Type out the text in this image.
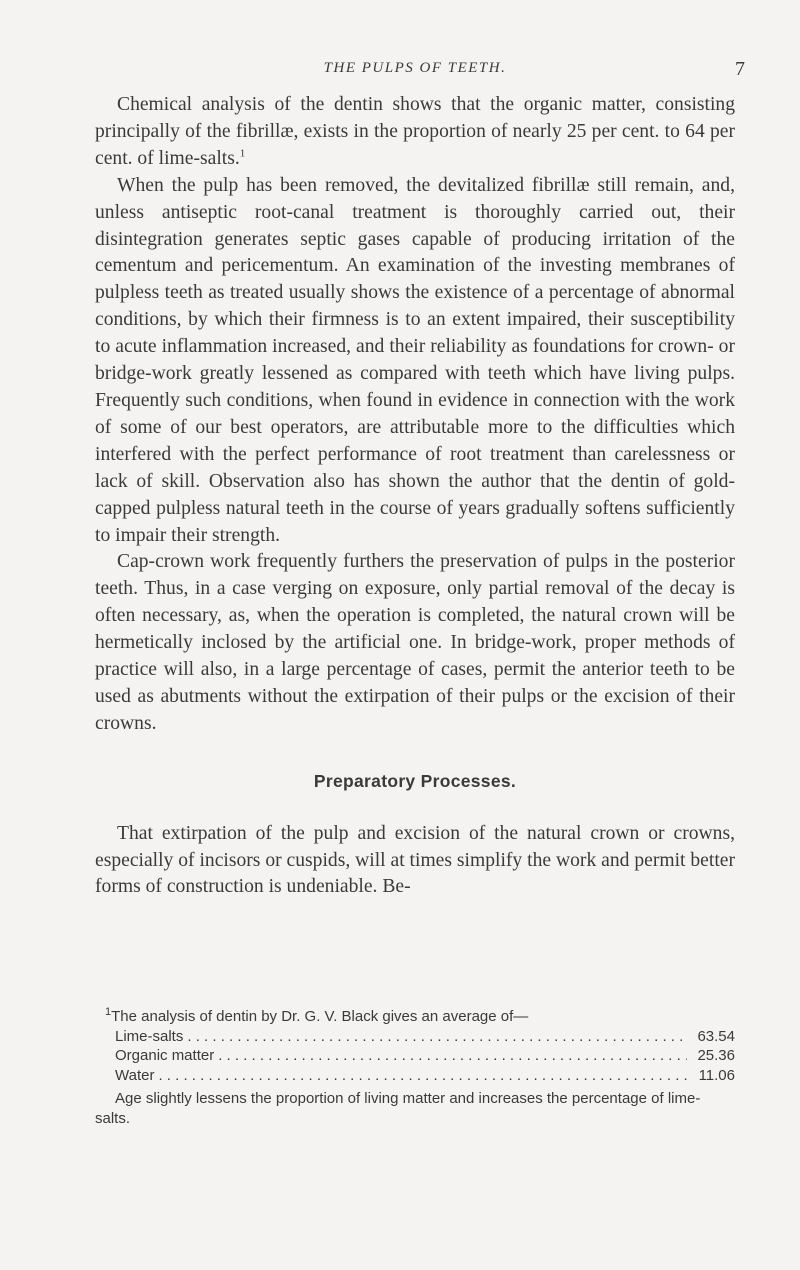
THE PULPS OF TEETH.	7

Chemical analysis of the dentin shows that the organic matter, consisting principally of the fibrillæ, exists in the proportion of nearly 25 per cent. to 64 per cent. of lime-salts.$^1$

When the pulp has been removed, the devitalized fibrillæ still remain, and, unless antiseptic root-canal treatment is thoroughly carried out, their disintegration generates septic gases capable of producing irritation of the cementum and pericementum. An examination of the investing membranes of pulpless teeth as treated usually shows the existence of a percentage of abnormal conditions, by which their firmness is to an extent impaired, their susceptibility to acute inflammation increased, and their reliability as foundations for crown- or bridge-work greatly lessened as compared with teeth which have living pulps. Frequently such conditions, when found in evidence in connection with the work of some of our best operators, are attributable more to the difficulties which interfered with the perfect performance of root treatment than carelessness or lack of skill. Observation also has shown the author that the dentin of gold-capped pulpless natural teeth in the course of years gradually softens sufficiently to impair their strength.

Cap-crown work frequently furthers the preservation of pulps in the posterior teeth. Thus, in a case verging on exposure, only partial removal of the decay is often necessary, as, when the operation is completed, the natural crown will be hermetically inclosed by the artificial one. In bridge-work, proper methods of practice will also, in a large percentage of cases, permit the anterior teeth to be used as abutments without the extirpation of their pulps or the excision of their crowns.

Preparatory Processes.

That extirpation of the pulp and excision of the natural crown or crowns, especially of incisors or cuspids, will at times simplify the work and permit better forms of construction is undeniable. Be-

$^1$The analysis of dentin by Dr. G. V. Black gives an average of—
Lime-salts . . .	63.54
Organic matter . . .	25.36
Water . . .	11.06
Age slightly lessens the proportion of living matter and increases the percentage of lime-salts.
